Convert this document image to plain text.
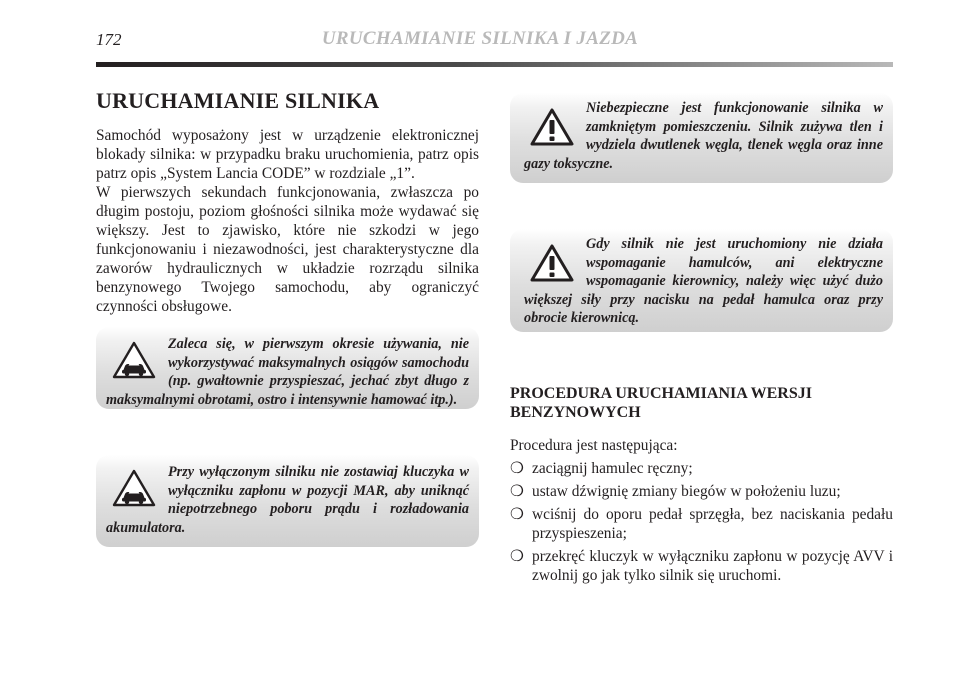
172	URUCHAMIANIE SILNIKA I JAZDA
URUCHAMIANIE SILNIKA

Samochód wyposażony jest w urządzenie elektronicznej blokady silnika: w przypadku braku uruchomienia, patrz opis patrz opis „System Lancia CODE” w rozdziale „1”.

W pierwszych sekundach funkcjonowania, zwłaszcza po długim postoju, poziom głośności silnika może wydawać się większy. Jest to zjawisko, które nie szkodzi w jego funkcjonowaniu i niezawodności, jest charakterystyczne dla zaworów hydraulicznych w układzie rozrządu silnika benzynowego Twojego samochodu, aby ograniczyć czynności obsługowe.

Zaleca się, w pierwszym okresie używania, nie wykorzystywać maksymalnych osiągów samochodu (np. gwałtownie przyspieszać, jechać zbyt długo z maksymalnymi obrotami, ostro i intensywnie hamować itp.).
Przy wyłączonym silniku nie zostawiaj kluczyka w wyłączniku zapłonu w pozycji MAR, aby uniknąć niepotrzebnego poboru prądu i rozładowania akumulatora.
Niebezpieczne jest funkcjonowanie silnika w zamkniętym pomieszczeniu. Silnik zużywa tlen i wydziela dwutlenek węgla, tlenek węgla oraz inne gazy toksyczne.
Gdy silnik nie jest uruchomiony nie działa wspomaganie hamulców, ani elektryczne wspomaganie kierownicy, należy więc użyć dużo większej siły przy nacisku na pedał hamulca oraz przy obrocie kierownicą.
PROCEDURA URUCHAMIANIA WERSJI BENZYNOWYCH

Procedura jest następująca:

❍ zaciągnij hamulec ręczny;
❍ ustaw dźwignię zmiany biegów w położeniu luzu;
❍ wciśnij do oporu pedał sprzęgła, bez naciskania pedału przyspieszenia;
❍ przekręć kluczyk w wyłączniku zapłonu w pozycję AVV i zwolnij go jak tylko silnik się uruchomi.
